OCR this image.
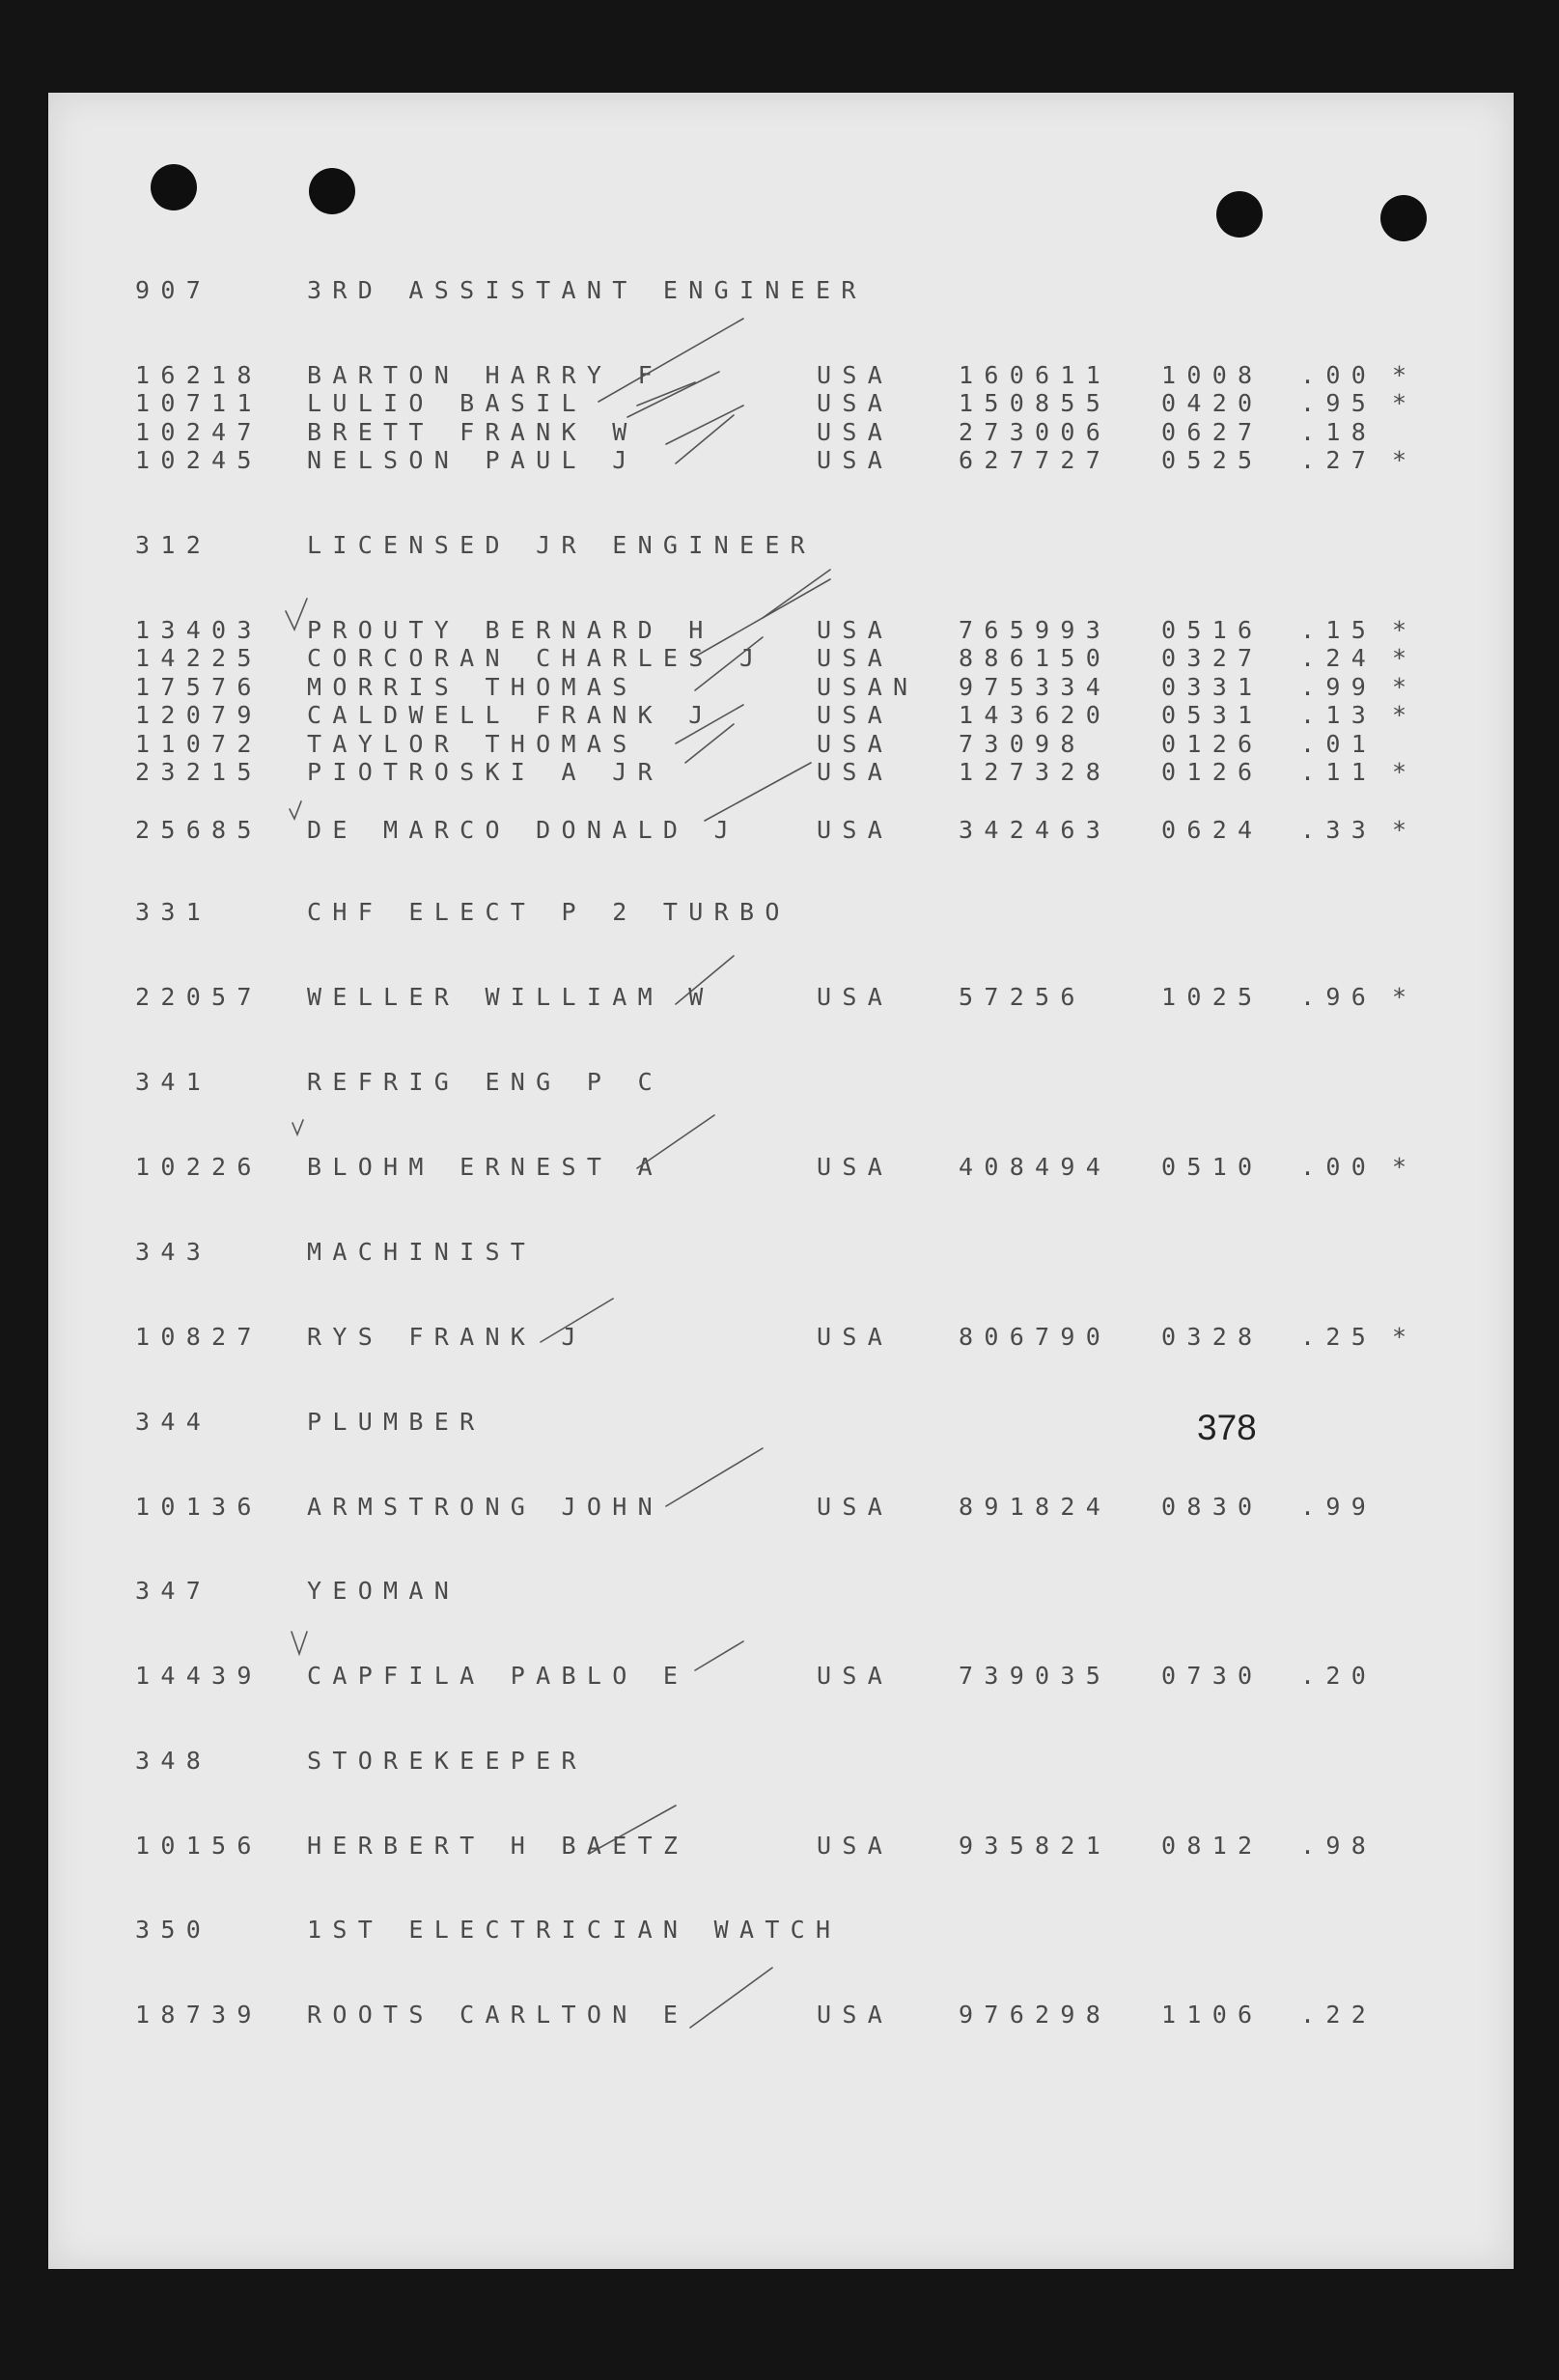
907	3RD ASSISTANT ENGINEER
16218 BARTON HARRY F	USA	160611 1008 .00 *
10711 LULIO BASIL	USA	150855 0420 .95 *
10247 BRETT FRANK W	USA	273006 0627 .18
10245 NELSON PAUL J	USA	627727 0525 .27 *
312	LICENSED JR ENGINEER
13403 PROUTY BERNARD H	USA	765993 0516 .15 *
14225 CORCORAN CHARLES J USA	886150 0327 .24 *
17576 MORRIS THOMAS	USAN 975334 0331 .99 *
12079 CALDWELL FRANK J	USA	143620 0531 .13 *
11072 TAYLOR THOMAS	USA	73098	0126 .01
23215 PIOTROSKI A JR	USA	127328 0126 .11 *
25685 DE MARCO DONALD J	USA	342463 0624 .33 *
331	CHF ELECT P 2 TURBO
22057 WELLER WILLIAM W	USA	57256	1025 .96 *
341	REFRIG ENG P C
10226 BLOHM ERNEST A	USA	408494 0510 .00 *
343	MACHINIST
10827 RYS FRANK J	USA	806790 0328 .25 *
344	PLUMBER
10136 ARMSTRONG JOHN	USA	891824 0830 .99
347	YEOMAN
14439 CAPFILA PABLO E	USA	739035 0730 .20
348	STOREKEEPER
10156 HERBERT H BAETZ	USA	935821 0812 .98
350	1ST ELECTRICIAN WATCH
18739 ROOTS CARLTON E	USA	976298 1106 .22
378
